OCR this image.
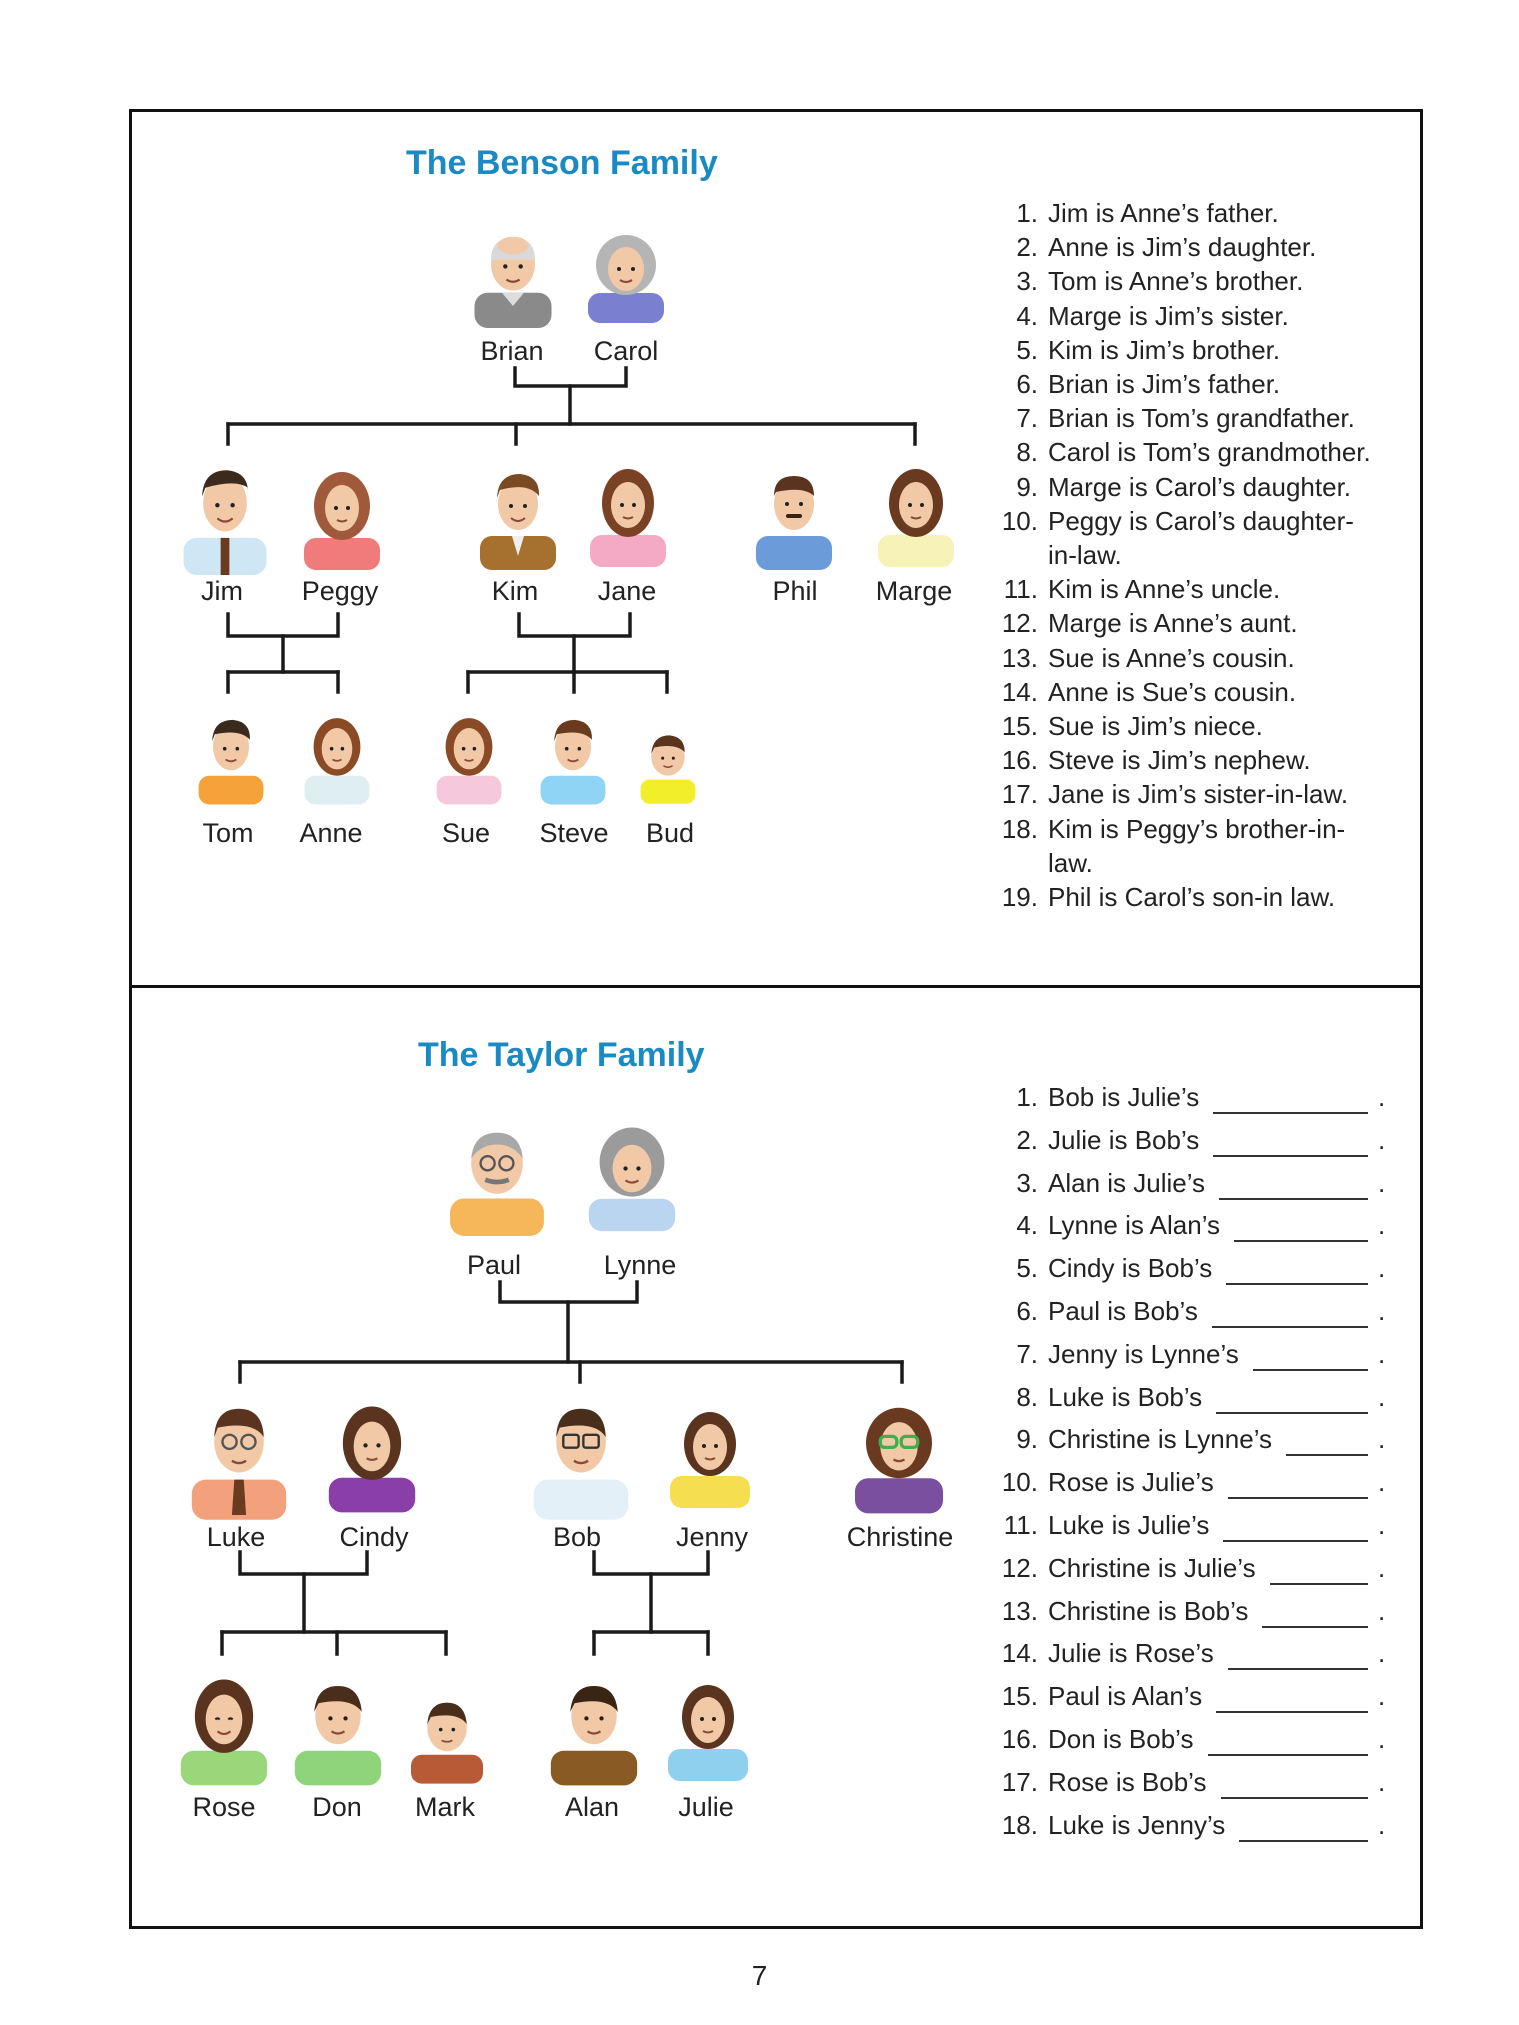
The Benson Family
Brian	Carol
Jim	Peggy	Kim	Jane	Phil	Marge
Tom	Anne	Sue	Steve	Bud
1. Jim is Anne’s father.
2. Anne is Jim’s daughter.
3. Tom is Anne’s brother.
4. Marge is Jim’s sister.
5. Kim is Jim’s brother.
6. Brian is Jim’s father.
7. Brian is Tom’s grandfather.
8. Carol is Tom’s grandmother.
9. Marge is Carol’s daughter.
10. Peggy is Carol’s daughter-
in-law.
11. Kim is Anne’s uncle.
12. Marge is Anne’s aunt.
13. Sue is Anne’s cousin.
14. Anne is Sue’s cousin.
15. Sue is Jim’s niece.
16. Steve is Jim’s nephew.
17. Jane is Jim’s sister-in-law.
18. Kim is Peggy’s brother-in-
law.
19. Phil is Carol’s son-in law.
The Taylor Family
Paul	Lynne
Luke	Cindy	Bob	Jenny	Christine
Rose	Don	Mark	Alan	Julie
1. Bob is Julie’s	.
2. Julie is Bob’s	.
3. Alan is Julie’s	.
4. Lynne is Alan’s	.
5. Cindy is Bob’s	.
6. Paul is Bob’s	.
7. Jenny is Lynne’s	.
8. Luke is Bob’s	.
9. Christine is Lynne’s	.
10. Rose is Julie’s	.
11. Luke is Julie’s	.
12. Christine is Julie’s	.
13. Christine is Bob’s	.
14. Julie is Rose’s	.
15. Paul is Alan’s	.
16. Don is Bob’s	.
17. Rose is Bob’s	.
18. Luke is Jenny’s	.
7
